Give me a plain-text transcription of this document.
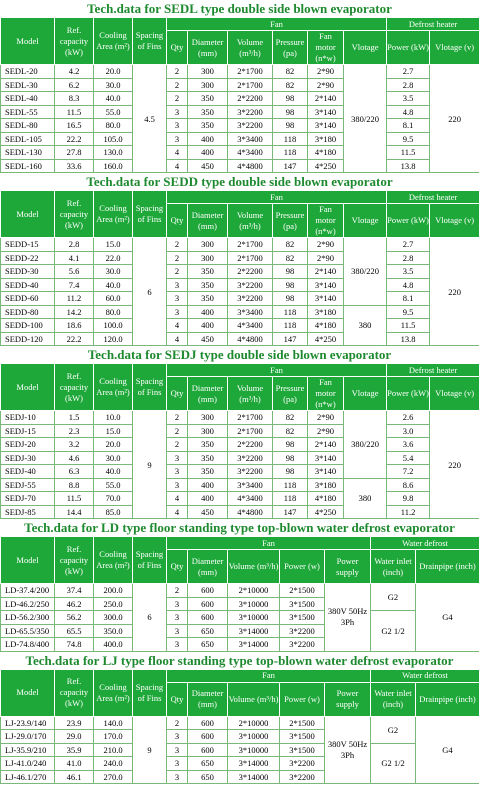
Tech.data for SEDL type double side blown evaporator
Model	Ref. capacity (kW)	Cooling Area (m²)	Spacing of Fins	Fan						Defrost heater	
				Qty	Diameter (mm)	Volume (m³/h)	Pressure (pa)	Fan motor (n*w)	Vlotage	Power (kW)	Vlotage (v)
SEDL-20	4.2	20.0	4.5	2	300	2*1700	82	2*90	380/220	2.7	220
SEDL-30	6.2	30.0		2	300	2*1700	82	2*90		2.8	
SEDL-40	8.3	40.0		2	350	2*2200	98	2*140		3.5	
SEDL-55	11.5	55.0		3	350	3*2200	98	3*140		4.8	
SEDL-80	16.5	80.0		3	350	3*2200	98	3*140		8.1	
SEDL-105	22.2	105.0		3	400	3*3400	118	3*180		9.5	
SEDL-130	27.8	130.0		4	400	4*3400	118	4*180		11.5	
SEDL-160	33.6	160.0		4	450	4*4800	147	4*250		13.8	
Tech.data for SEDD type double side blown evaporator
Model	Ref. capacity (kW)	Cooling Area (m²)	Spacing of Fins	Fan						Defrost heater	
				Qty	Diameter (mm)	Volume (m³/h)	Pressure (pa)	Fan motor (n*w)	Vlotage	Power (kW)	Vlotage (v)
SEDD-15	2.8	15.0	6	2	300	2*1700	82	2*90	380/220	2.7	220
SEDD-22	4.1	22.0		2	300	2*1700	82	2*90		2.8	
SEDD-30	5.6	30.0		2	350	2*2200	98	2*140		3.5	
SEDD-40	7.4	40.0		3	350	3*2200	98	3*140		4.8	
SEDD-60	11.2	60.0		3	350	3*2200	98	3*140		8.1	
SEDD-80	14.2	80.0		3	400	3*3400	118	3*180	380	9.5	
SEDD-100	18.6	100.0		4	400	4*3400	118	4*180		11.5	
SEDD-120	22.2	120.0		4	450	4*4800	147	4*250		13.8	
Tech.data for SEDJ type double side blown evaporator
Model	Ref. capacity (kW)	Cooling Area (m²)	Spacing of Fins	Fan						Defrost heater	
				Qty	Diameter (mm)	Volume (m³/h)	Pressure (pa)	Fan motor (n*w)	Vlotage	Power (kW)	Vlotage (v)
SEDJ-10	1.5	10.0	9	2	300	2*1700	82	2*90	380/220	2.6	220
SEDJ-15	2.3	15.0		2	300	2*1700	82	2*90		3.0	
SEDJ-20	3.2	20.0		2	350	2*2200	98	2*140		3.6	
SEDJ-30	4.6	30.0		3	350	3*2200	98	3*140		5.4	
SEDJ-40	6.3	40.0		3	350	3*2200	98	3*140		7.2	
SEDJ-55	8.8	55.0		3	400	3*3400	118	3*180	380	8.6	
SEDJ-70	11.5	70.0		4	400	4*3400	118	4*180		9.8	
SEDJ-85	14.4	85.0		4	450	4*4800	147	4*250		11.2	
Tech.data for LD type floor standing type top-blown water defrost evaporator
Model	Ref. capacity (kW)	Cooling Area (m²)	Spacing of Fins	Fan					Water defrost	
				Qty	Diameter (mm)	Volume (m³/h)	Power (w)	Power supply	Water inlet (inch)	Drainpipe (inch)
LD-37.4/200	37.4	200.0	6	2	600	2*10000	2*1500	380V 50Hz 3Ph	G2	G4
LD-46.2/250	46.2	250.0		3	600	3*10000	3*1500			
LD-56.2/300	56.2	300.0		3	600	3*10000	3*1500		G2 1/2	
LD-65.5/350	65.5	350.0		3	650	3*14000	3*2200			
LD-74.8/400	74.8	400.0		3	650	3*14000	3*2200			
Tech.data for LJ type floor standing type top-blown water defrost evaporator
Model	Ref. capacity (kW)	Cooling Area (m²)	Spacing of Fins	Fan					Water defrost	
				Qty	Diameter (mm)	Volume (m³/h)	Power (w)	Power supply	Water inlet (inch)	Drainpipe (inch)
LJ-23.9/140	23.9	140.0	9	2	600	2*10000	2*1500	380V 50Hz 3Ph	G2	G4
LJ-29.0/170	29.0	170.0		3	600	3*10000	3*1500			
LJ-35.9/210	35.9	210.0		3	600	3*10000	3*1500		G2 1/2	
LJ-41.0/240	41.0	240.0		3	650	3*14000	3*2200			
LJ-46.1/270	46.1	270.0		3	650	3*14000	3*2200			
